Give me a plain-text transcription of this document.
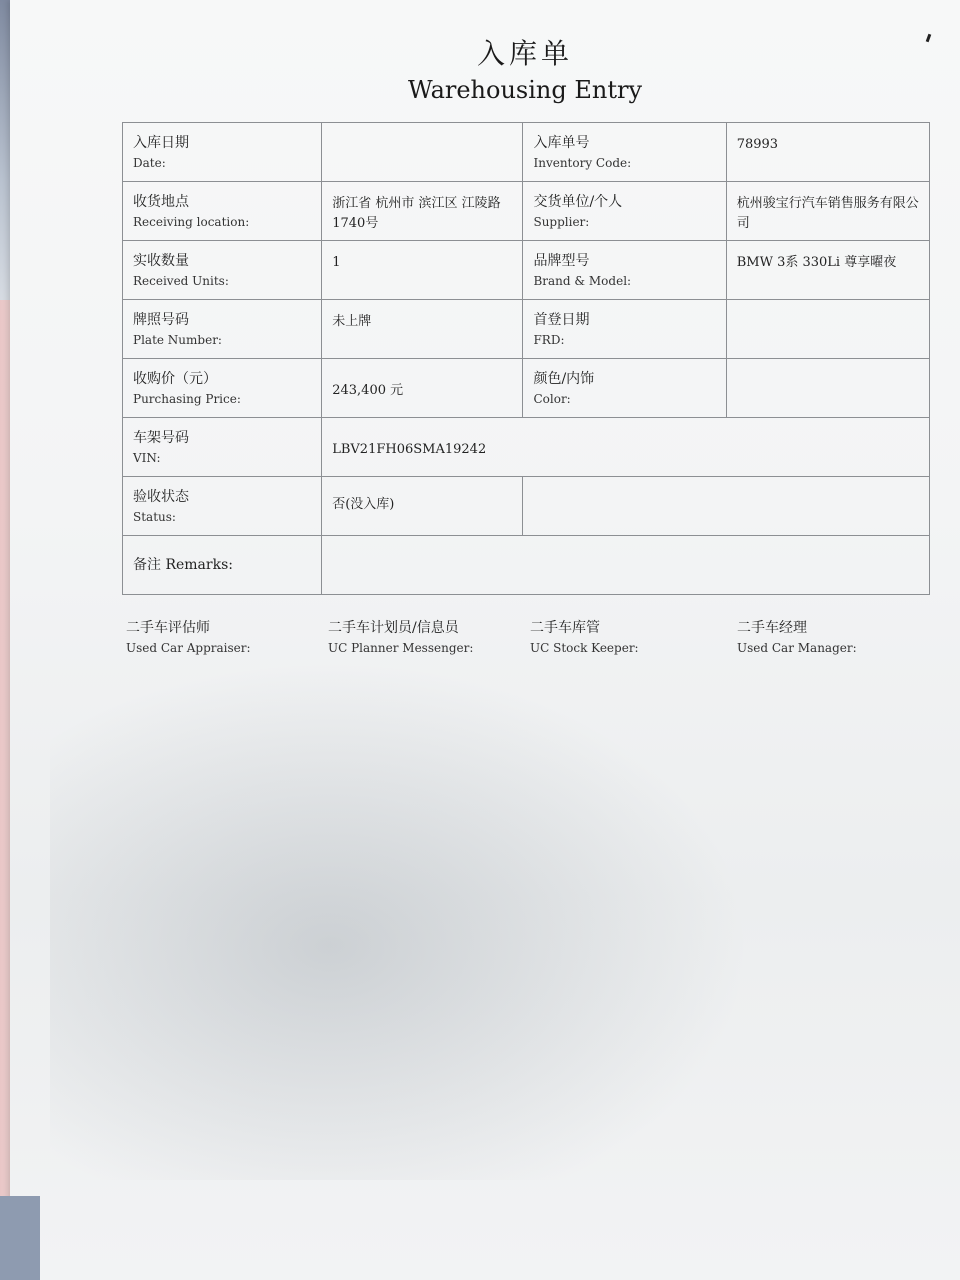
入库单
Warehousing Entry
入库日期
Date:		入库单号
Inventory Code:	78993

收货地点
Receiving location:	浙江省 杭州市 滨江区 江陵路1740号	交货单位/个人
Supplier:	杭州骏宝行汽车销售服务有限公司

实收数量
Received Units:	1	品牌型号
Brand & Model:	BMW 3系 330Li 尊享曜夜

牌照号码
Plate Number:	未上牌	首登日期
FRD:	

收购价（元）
Purchasing Price:	243,400 元	颜色/内饰
Color:	

车架号码
VIN:	LBV21FH06SMA19242		

验收状态
Status:	否(没入库)		

备注 Remarks:			

二手车评估师
Used Car Appraiser:
二手车计划员/信息员
UC Planner Messenger:
二手车库管
UC Stock Keeper:
二手车经理
Used Car Manager:
